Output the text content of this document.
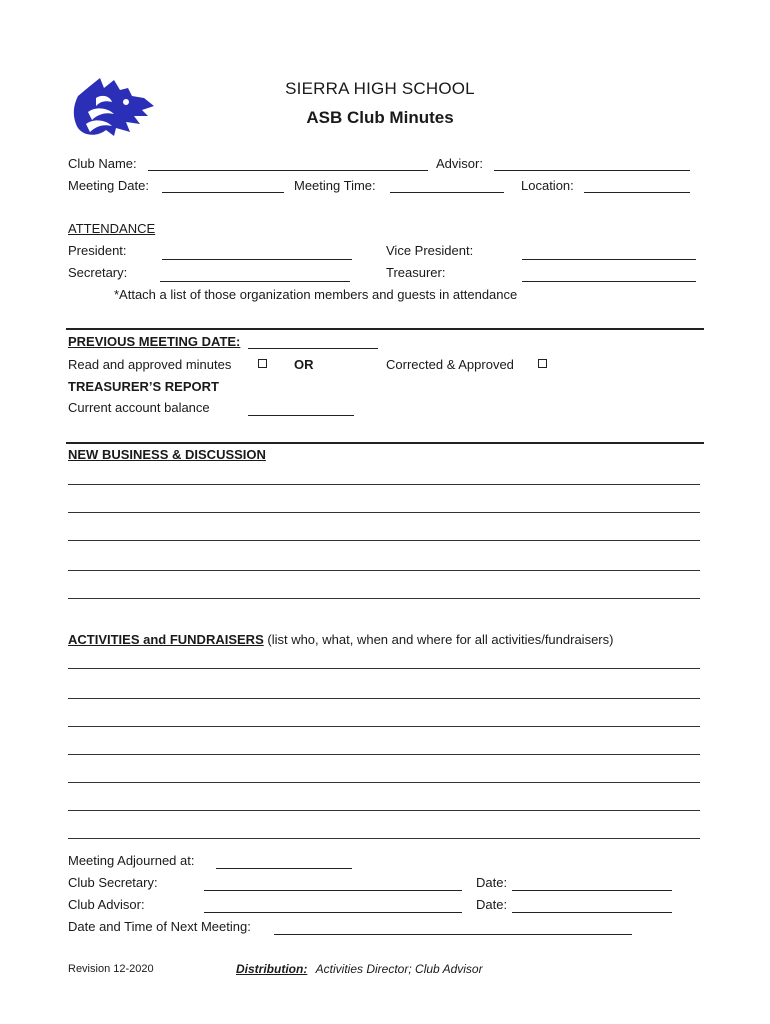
SIERRA HIGH SCHOOL
ASB Club Minutes
Club Name:	Advisor:
Meeting Date:	Meeting Time:	Location:
ATTENDANCE
President:	Vice President:
Secretary:	Treasurer:
*Attach a list of those organization members and guests in attendance
PREVIOUS MEETING DATE:
Read and approved minutes	OR	Corrected & Approved
TREASURER’S REPORT
Current account balance
NEW BUSINESS & DISCUSSION
ACTIVITIES and FUNDRAISERS (list who, what, when and where for all activities/fundraisers)
Meeting Adjourned at:
Club Secretary:	Date:
Club Advisor:	Date:
Date and Time of Next Meeting:
Revision 12-2020	Distribution: Activities Director; Club Advisor
